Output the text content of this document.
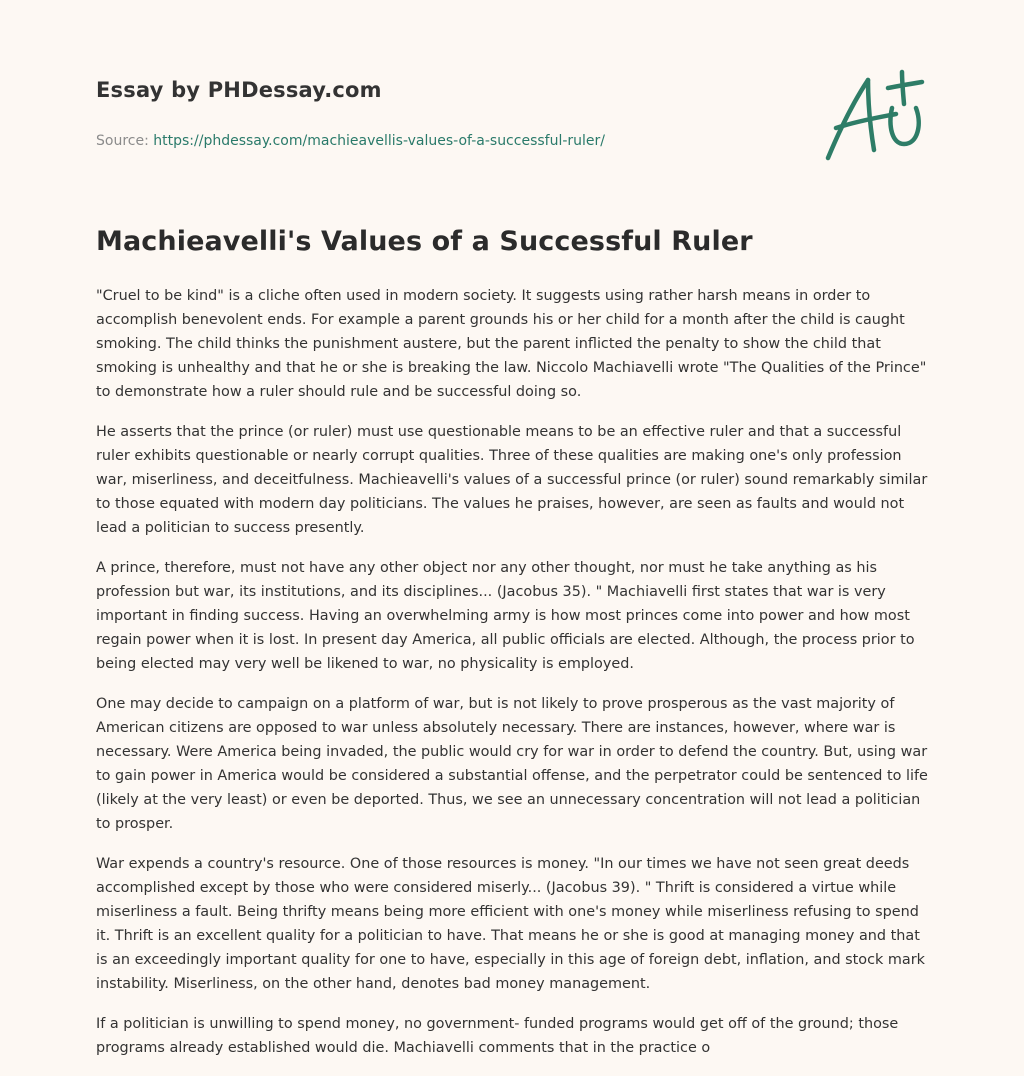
Essay by PHDessay.com
Source: https://phdessay.com/machieavellis-values-of-a-successful-ruler/
Machieavelli's Values of a Successful Ruler

"Cruel to be kind" is a cliche often used in modern society. It suggests using rather harsh means in order to accomplish benevolent ends. For example a parent grounds his or her child for a month after the child is caught smoking. The child thinks the punishment austere, but the parent inflicted the penalty to show the child that smoking is unhealthy and that he or she is breaking the law. Niccolo Machiavelli wrote "The Qualities of the Prince" to demonstrate how a ruler should rule and be successful doing so.

He asserts that the prince (or ruler) must use questionable means to be an effective ruler and that a successful ruler exhibits questionable or nearly corrupt qualities. Three of these qualities are making one's only profession war, miserliness, and deceitfulness. Machieavelli's values of a successful prince (or ruler) sound remarkably similar to those equated with modern day politicians. The values he praises, however, are seen as faults and would not lead a politician to success presently.

A prince, therefore, must not have any other object nor any other thought, nor must he take anything as his profession but war, its institutions, and its disciplines... (Jacobus 35). " Machiavelli first states that war is very important in finding success. Having an overwhelming army is how most princes come into power and how most regain power when it is lost. In present day America, all public officials are elected. Although, the process prior to being elected may very well be likened to war, no physicality is employed.

One may decide to campaign on a platform of war, but is not likely to prove prosperous as the vast majority of American citizens are opposed to war unless absolutely necessary. There are instances, however, where war is necessary. Were America being invaded, the public would cry for war in order to defend the country. But, using war to gain power in America would be considered a substantial offense, and the perpetrator could be sentenced to life (likely at the very least) or even be deported. Thus, we see an unnecessary concentration will not lead a politician to prosper.

War expends a country's resource. One of those resources is money. "In our times we have not seen great deeds accomplished except by those who were considered miserly... (Jacobus 39). " Thrift is considered a virtue while miserliness a fault. Being thrifty means being more efficient with one's money while miserliness refusing to spend it. Thrift is an excellent quality for a politician to have. That means he or she is good at managing money and that is an exceedingly important quality for one to have, especially in this age of foreign debt, inflation, and stock mark instability. Miserliness, on the other hand, denotes bad money management.

If a politician is unwilling to spend money, no government- funded programs would get off of the ground; those programs already established would die. Machiavelli comments that in the practice o
